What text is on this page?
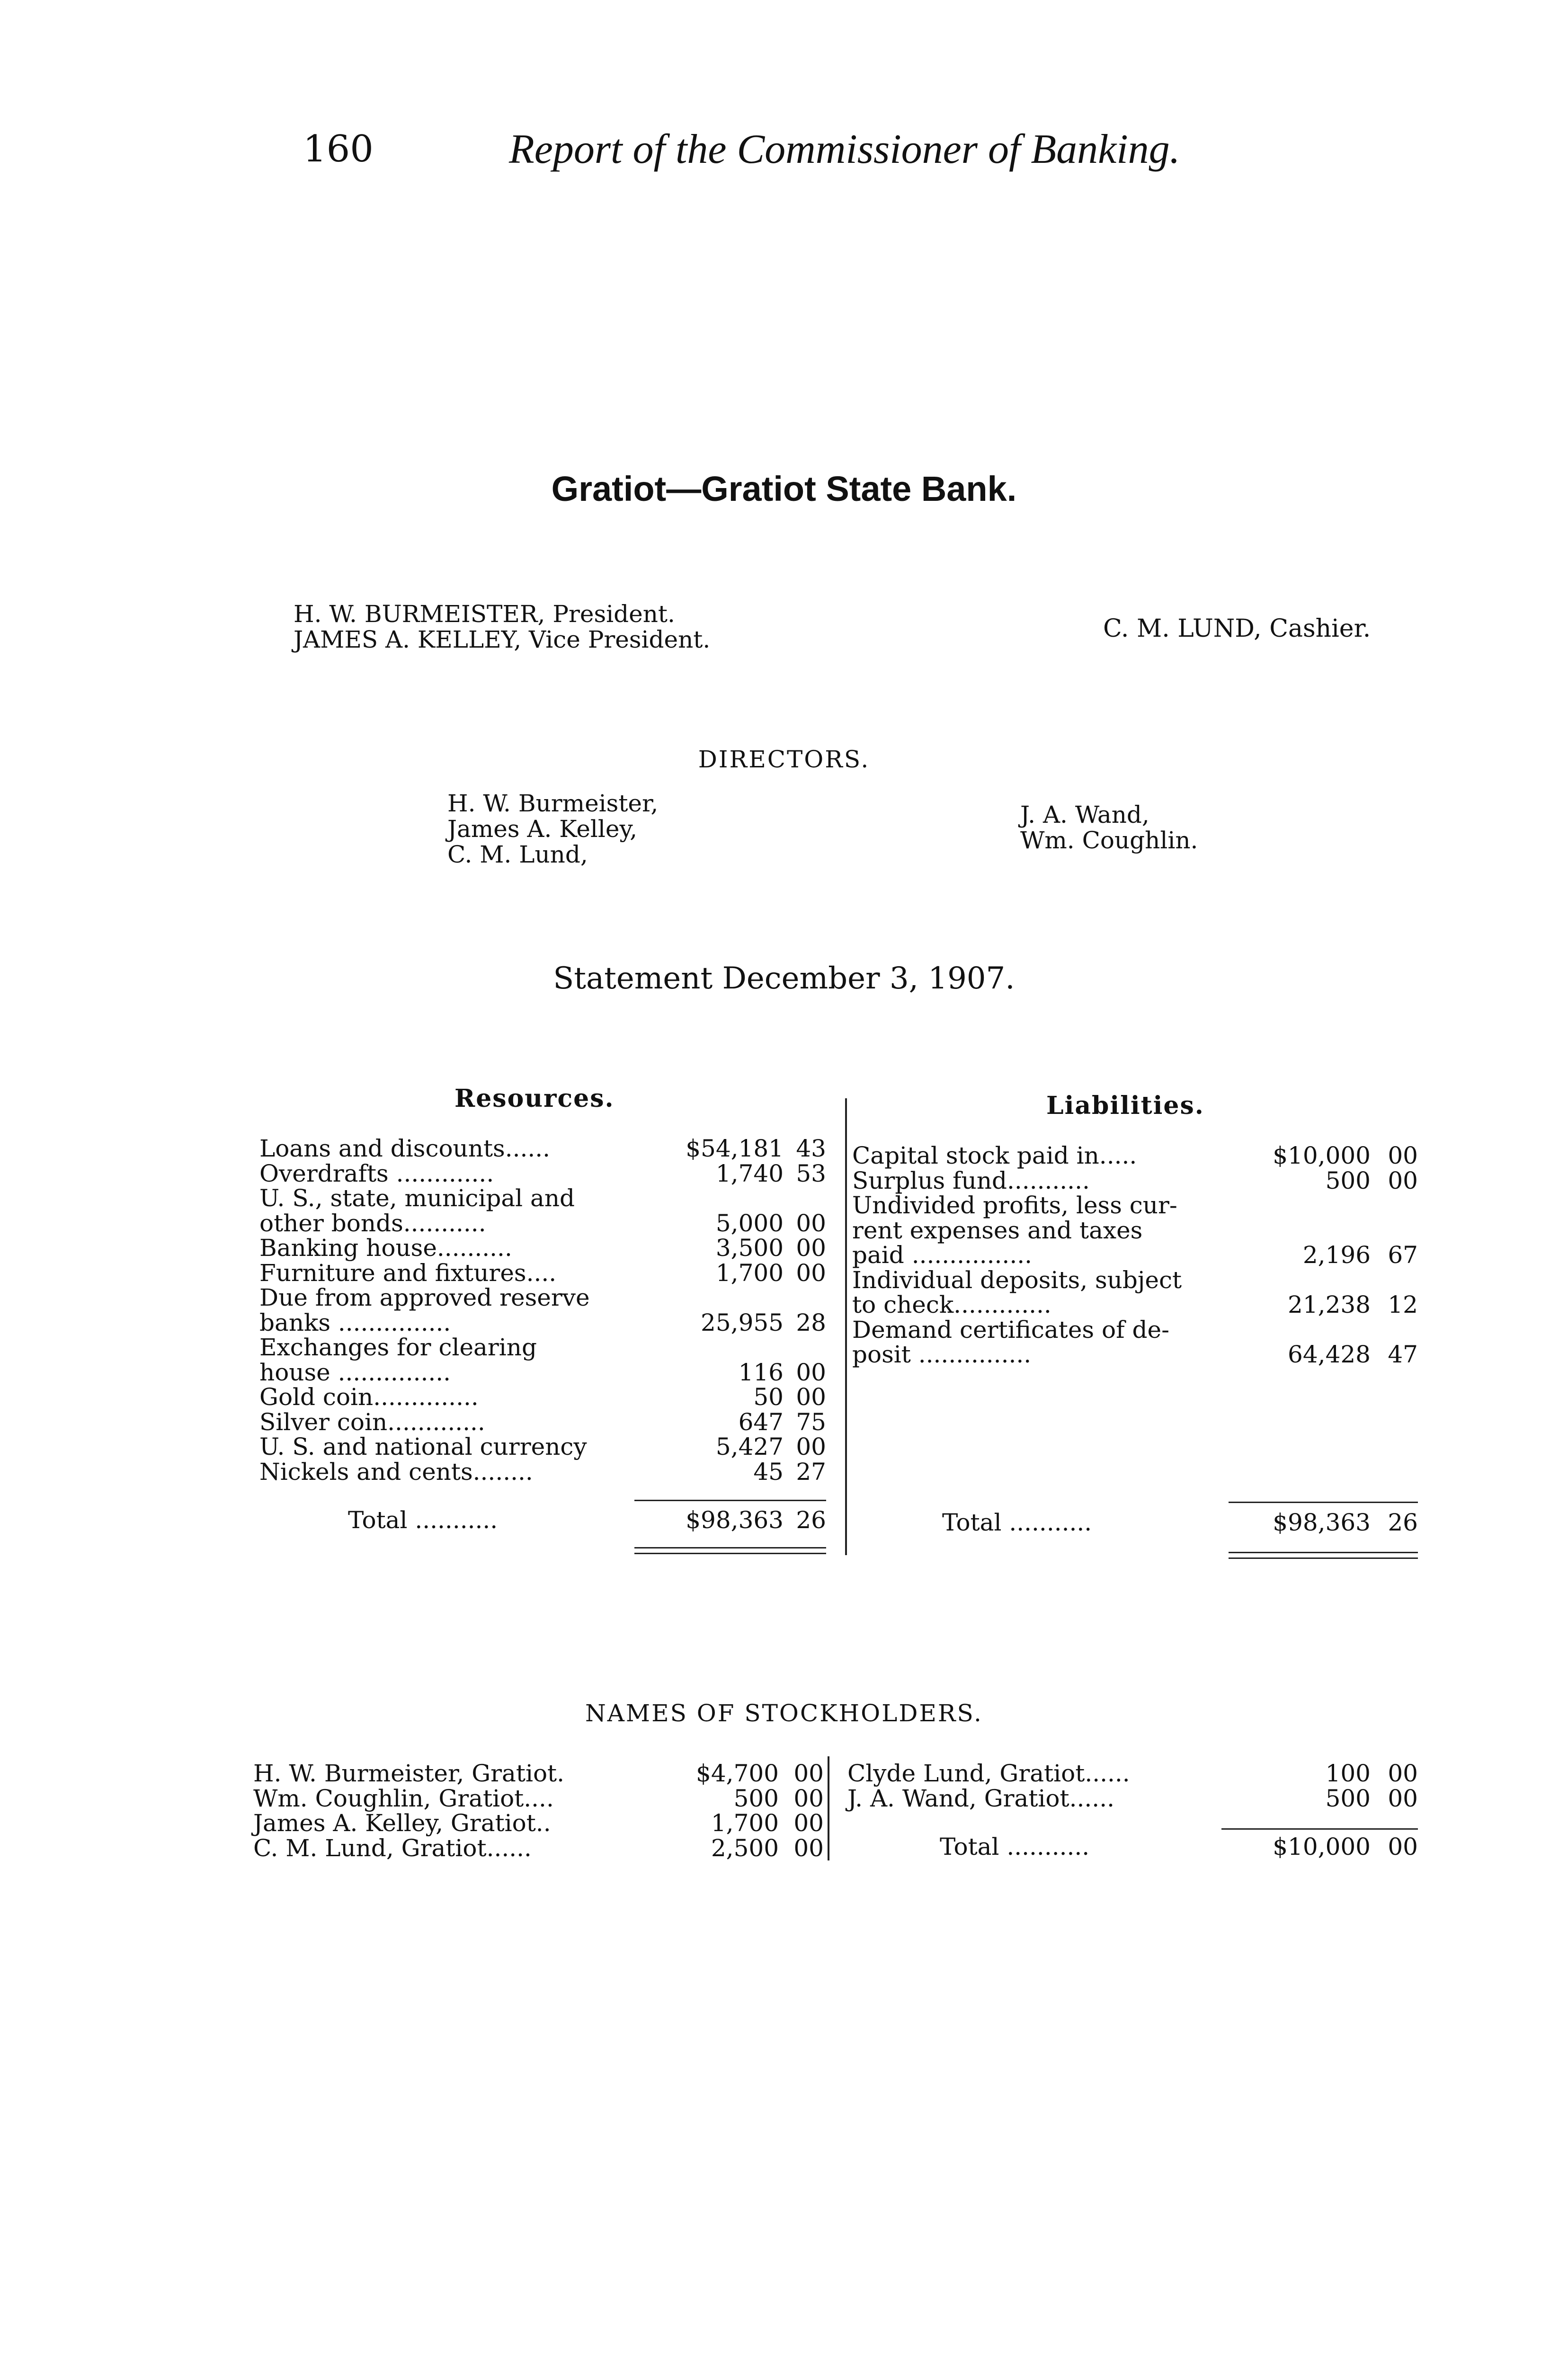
160	Report of the Commissioner of Banking.
Gratiot—Gratiot State Bank.
H. W. BURMEISTER, President.
JAMES A. KELLEY, Vice President.	C. M. LUND, Cashier.
DIRECTORS.
H. W. Burmeister,
James A. Kelley,
C. M. Lund,
J. A. Wand,
Wm. Coughlin.
Statement December 3, 1907.
Resources.	Liabilities.
Loans and discounts......	$54,181 43
Overdrafts .............	1,740 53
U. S., state, municipal and
other bonds...........	5,000 00
Banking house..........	3,500 00
Furniture and fixtures....	1,700 00
Due from approved reserve
banks ...............	25,955 28
Exchanges for clearing
house ...............	116 00
Gold coin..............	50 00
Silver coin.............	647 75
U. S. and national currency	5,427 00
Nickels and cents........	45 27
Capital stock paid in.....	$10,000 00
Surplus fund...........	500 00
Undivided profits, less cur-
rent expenses and taxes
paid ................	2,196 67
Individual deposits, subject
to check.............	21,238 12
Demand certificates of de-
posit ...............	64,428 47
Total ...........	$98,363 26	Total ...........	$98,363 26
NAMES OF STOCKHOLDERS.
H. W. Burmeister, Gratiot.	$4,700 00
Wm. Coughlin, Gratiot....	500 00
James A. Kelley, Gratiot..	1,700 00
C. M. Lund, Gratiot......	2,500 00
Clyde Lund, Gratiot......	100 00
J. A. Wand, Gratiot......	500 00
Total ...........	$10,000 00
